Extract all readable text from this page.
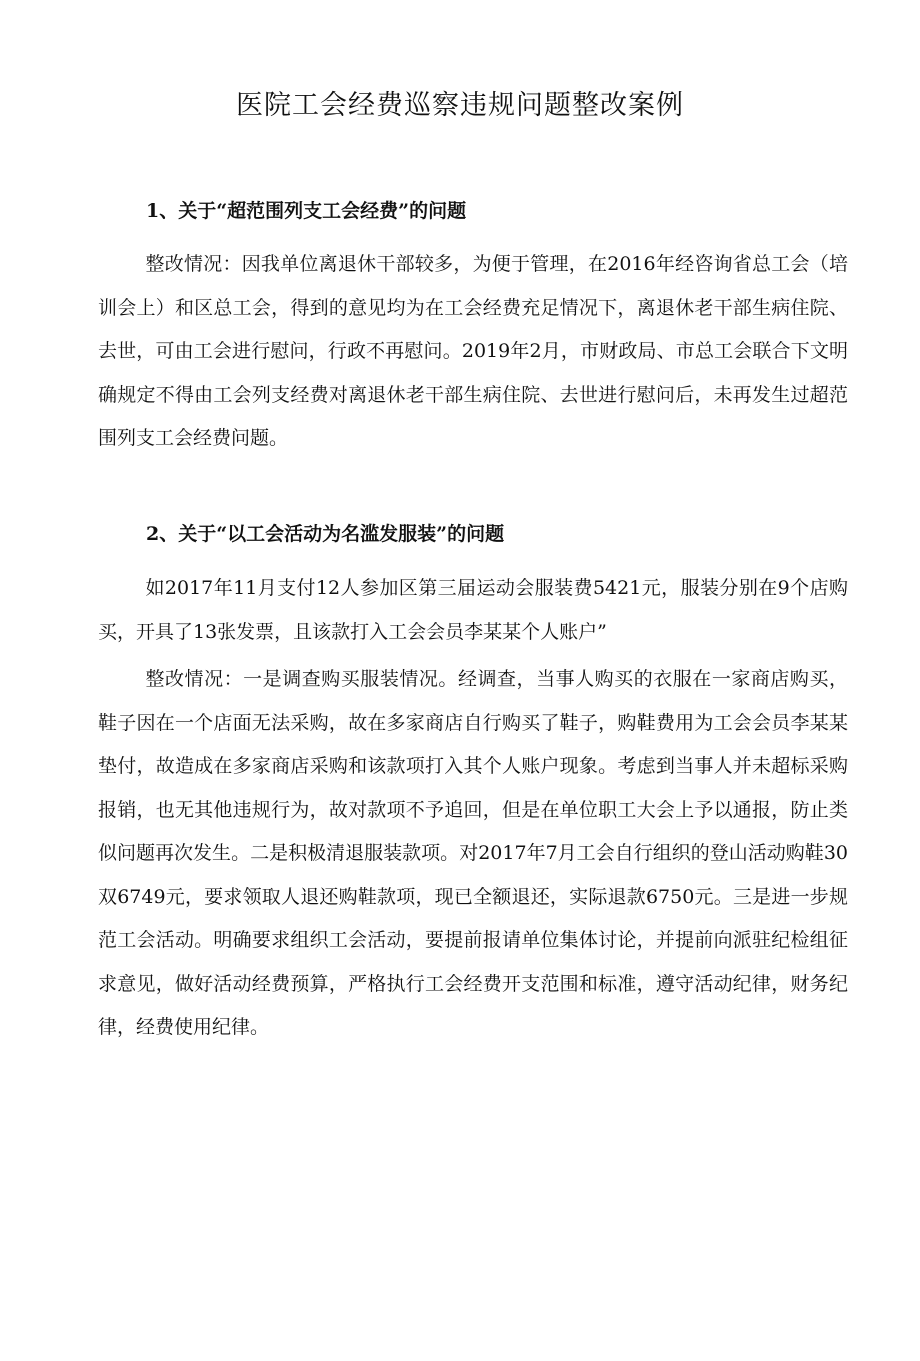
医院工会经费巡察违规问题整改案例
1、关于“超范围列支工会经费”的问题
整改情况：因我单位离退休干部较多，为便于管理，在2016年经咨询省总工会（培训会上）和区总工会，得到的意见均为在工会经费充足情况下，离退休老干部生病住院、去世，可由工会进行慰问，行政不再慰问。2019年2月，市财政局、市总工会联合下文明确规定不得由工会列支经费对离退休老干部生病住院、去世进行慰问后，未再发生过超范围列支工会经费问题。
2、关于“以工会活动为名滥发服装”的问题
如2017年11月支付12人参加区第三届运动会服装费5421元，服装分别在9个店购买，开具了13张发票，且该款打入工会会员李某某个人账户”
整改情况：一是调查购买服装情况。经调查，当事人购买的衣服在一家商店购买，鞋子因在一个店面无法采购，故在多家商店自行购买了鞋子，购鞋费用为工会会员李某某垫付，故造成在多家商店采购和该款项打入其个人账户现象。考虑到当事人并未超标采购报销，也无其他违规行为，故对款项不予追回，但是在单位职工大会上予以通报，防止类似问题再次发生。二是积极清退服装款项。对2017年7月工会自行组织的登山活动购鞋30双6749元，要求领取人退还购鞋款项，现已全额退还，实际退款6750元。三是进一步规范工会活动。明确要求组织工会活动，要提前报请单位集体讨论，并提前向派驻纪检组征求意见，做好活动经费预算，严格执行工会经费开支范围和标准，遵守活动纪律，财务纪律，经费使用纪律。
